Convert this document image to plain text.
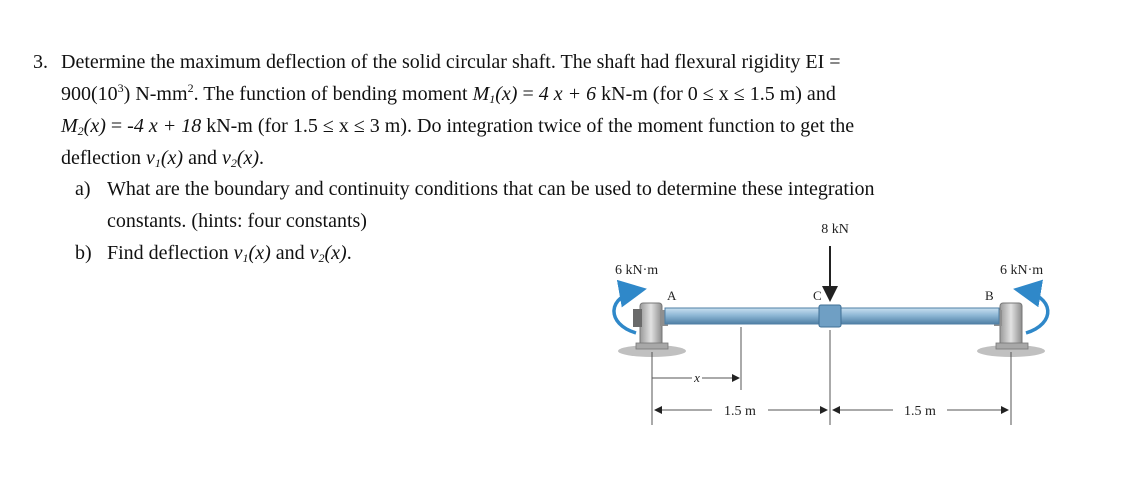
3. Determine the maximum deflection of the solid circular shaft. The shaft had flexural rigidity EI =
$900(10^3)$ $N-mm^2$. The function of bending moment $M_1(x) = 4$ x + 6 kN-m (for 0 ≤ x ≤ 1.5 m) and
$M_2(x) = -4$ x + 18 kN-m (for 1.5 ≤ x ≤ 3 m). Do integration twice of the moment function to get the
deflection $v_1(x)$ and $v_2(x)$.
a) What are the boundary and continuity conditions that can be used to determine these integration
constants. (hints: four constants)
b) Find deflection $v_1(x)$ and $v_2(x)$.
8 kN
A	C	B
6 kN·m	6 kN·m
x
1.5 m	1.5 m
